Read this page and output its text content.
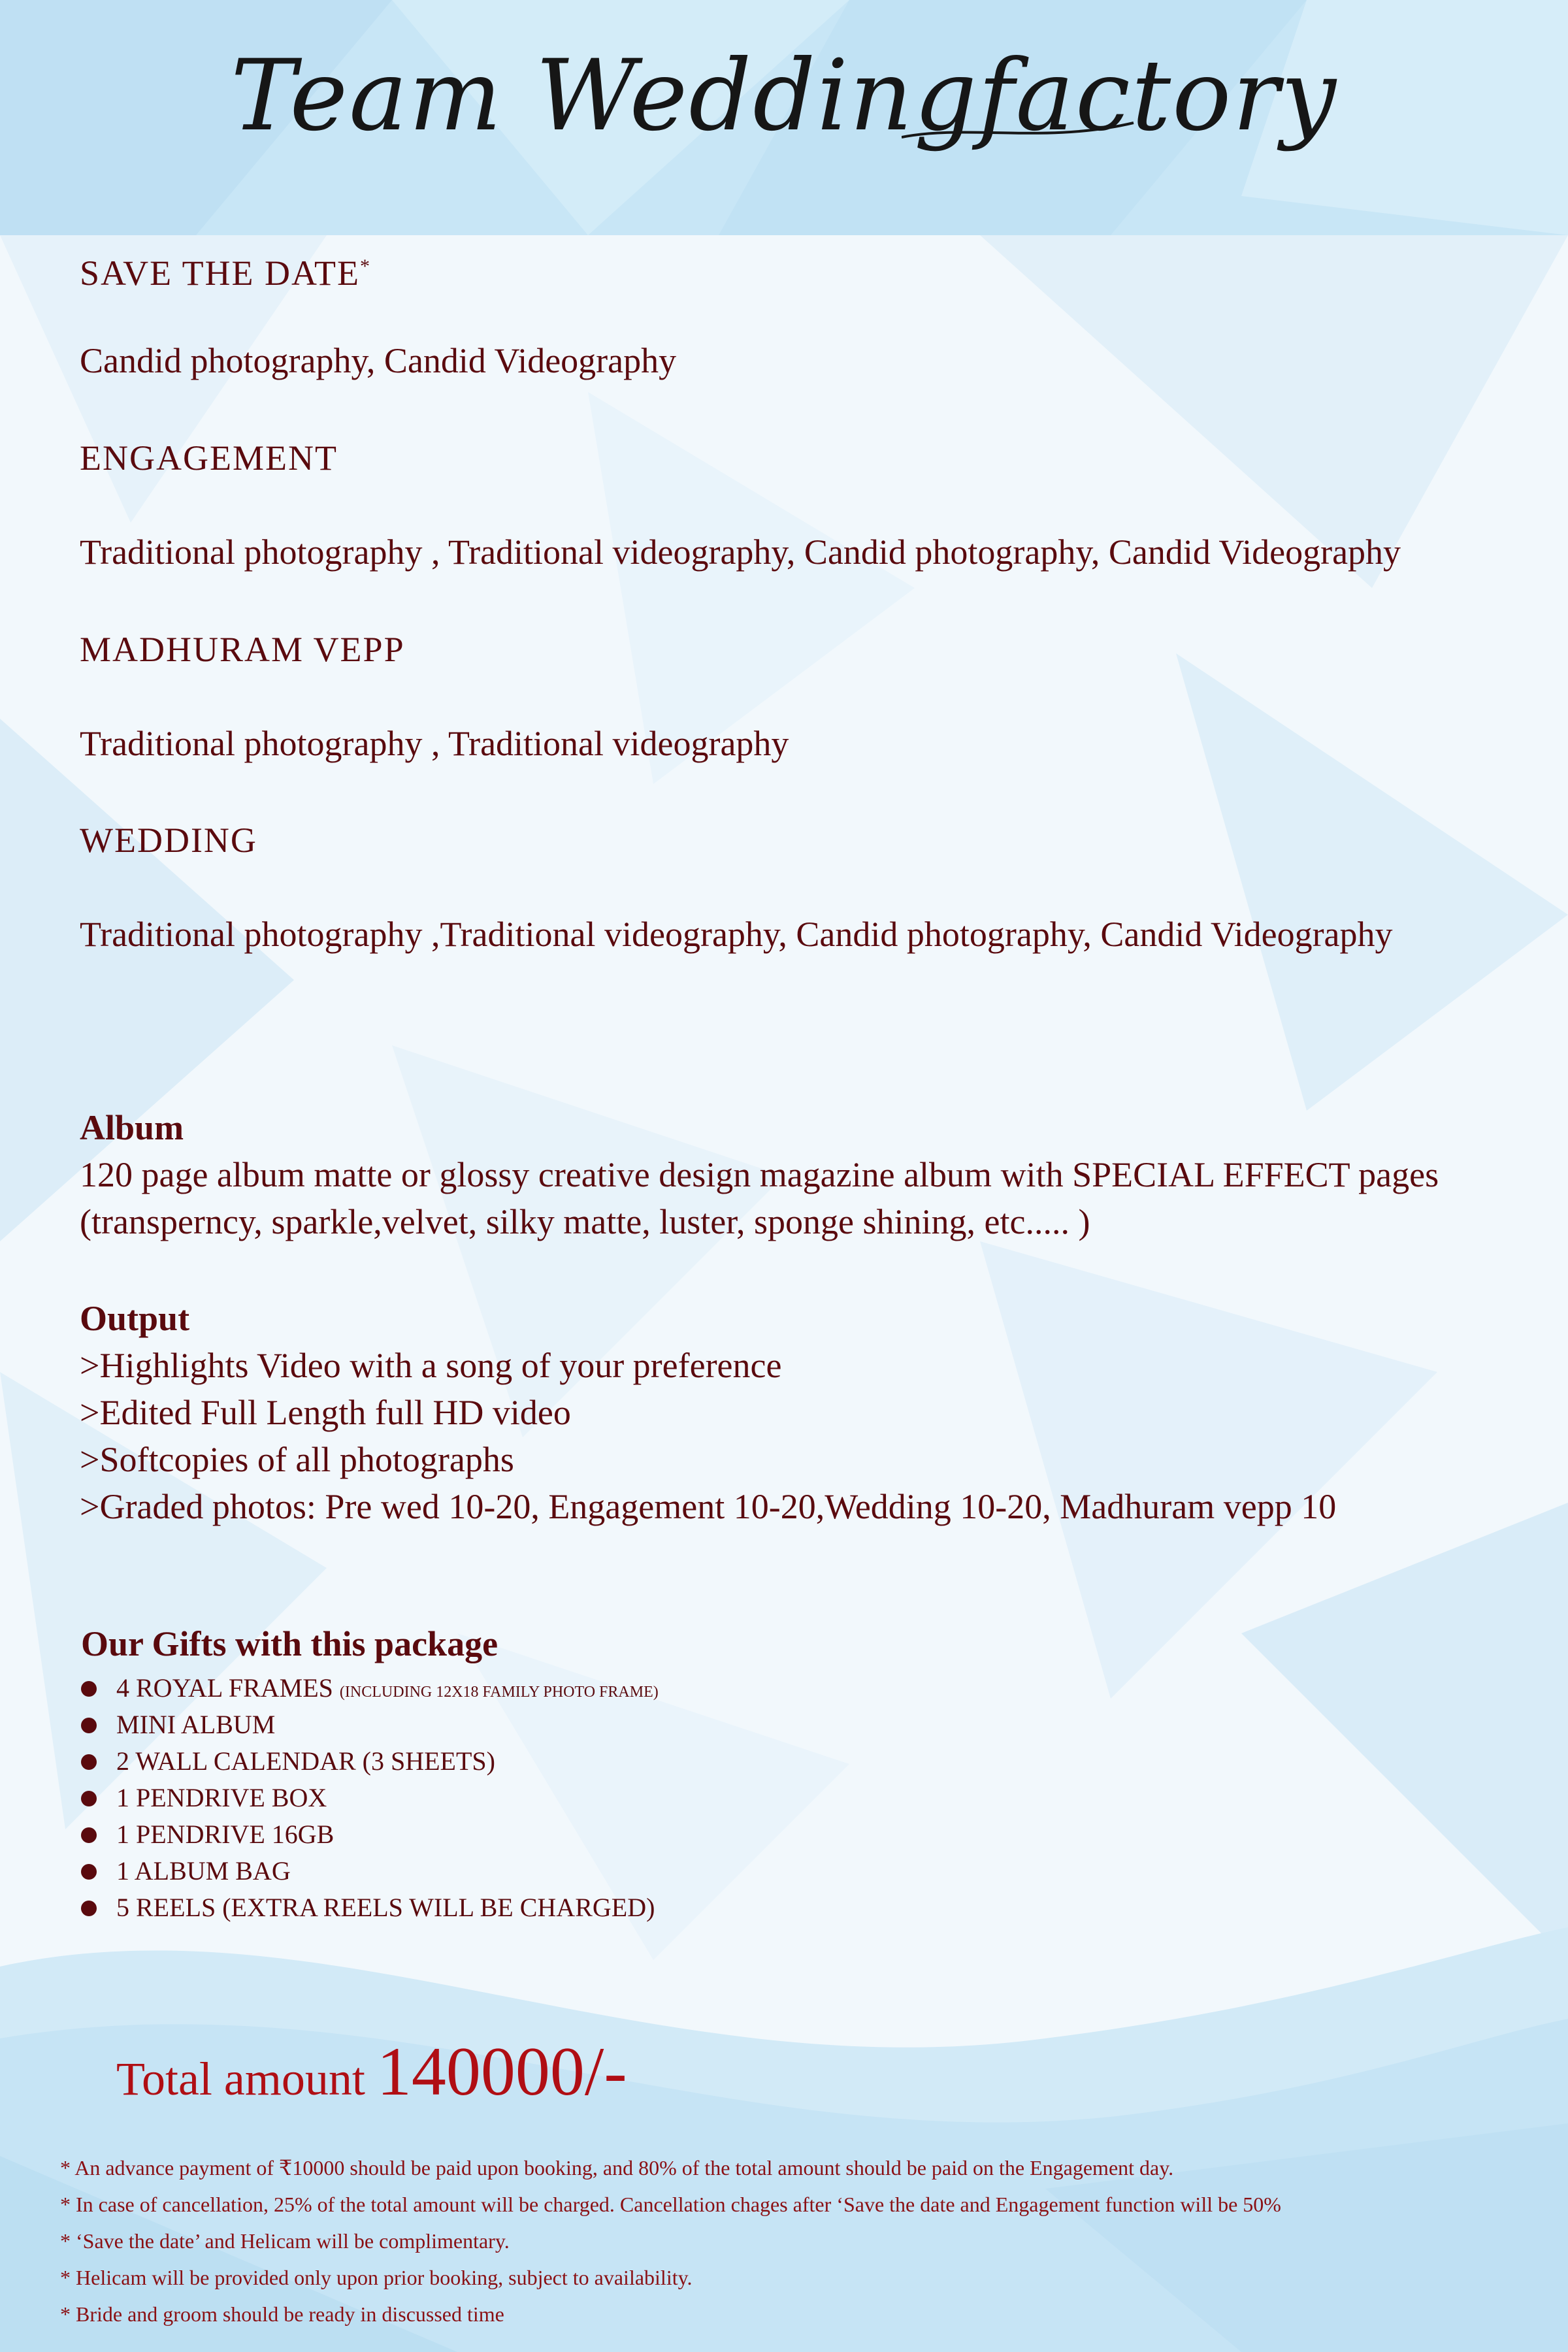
Team Weddingfactory
SAVE THE DATE*
Candid photography, Candid Videography
ENGAGEMENT
Traditional photography , Traditional videography, Candid photography, Candid Videography
MADHURAM VEPP
Traditional photography , Traditional videography
WEDDING
Traditional photography ,Traditional videography, Candid photography, Candid Videography
Album
120 page album matte or glossy creative design magazine album with SPECIAL EFFECT pages
(transperncy, sparkle,velvet, silky matte, luster, sponge shining, etc..... )
Output
>Highlights Video with a song of your preference
>Edited Full Length full HD video
>Softcopies of all photographs
>Graded photos: Pre wed 10-20, Engagement 10-20,Wedding 10-20, Madhuram vepp 10
Our Gifts with this package
4 ROYAL FRAMES (INCLUDING 12X18 FAMILY PHOTO FRAME)
MINI ALBUM
2 WALL CALENDAR (3 SHEETS)
1 PENDRIVE BOX
1 PENDRIVE 16GB
1 ALBUM BAG
5 REELS (EXTRA REELS WILL BE CHARGED)
Total amount 140000/-
* An advance payment of ₹10000 should be paid upon booking, and 80% of the total amount should be paid on the Engagement day.
* In case of cancellation, 25% of the total amount will be charged. Cancellation chages after ‘Save the date and Engagement function will be 50%
* ‘Save the date’ and Helicam will be complimentary.
* Helicam will be provided only upon prior booking, subject to availability.
* Bride and groom should be ready in discussed time
